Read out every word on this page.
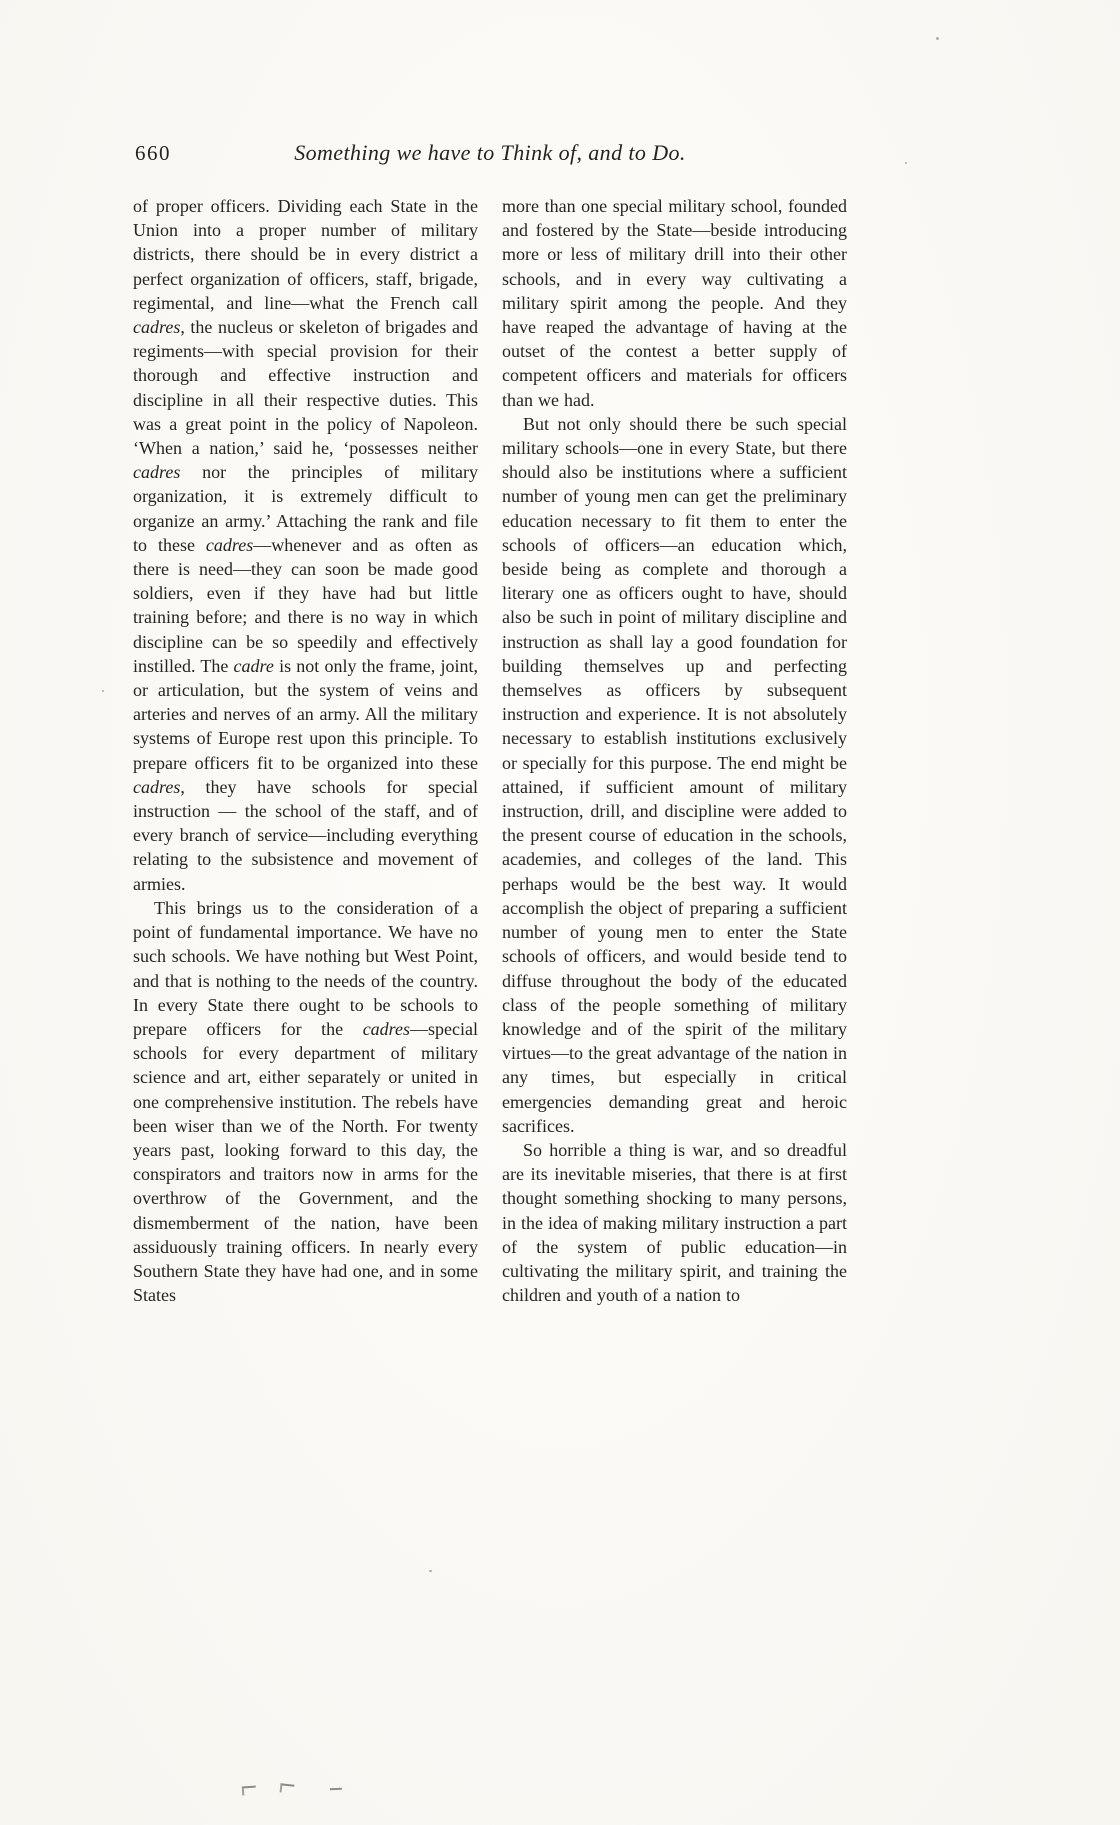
660	Something we have to Think of, and to Do.

of proper officers. Dividing each State in the Union into a proper number of military districts, there should be in every district a perfect organization of officers, staff, brigade, regimental, and line—what the French call cadres, the nucleus or skeleton of brigades and regiments—with special provision for their thorough and effective instruction and discipline in all their respective duties. This was a great point in the policy of Napoleon. ‘When a nation,’ said he, ‘possesses neither cadres nor the principles of military organization, it is extremely difficult to organize an army.’ Attaching the rank and file to these cadres—whenever and as often as there is need—they can soon be made good soldiers, even if they have had but little training before; and there is no way in which discipline can be so speedily and effectively instilled. The cadre is not only the frame, joint, or articulation, but the system of veins and arteries and nerves of an army. All the military systems of Europe rest upon this principle. To prepare officers fit to be organized into these cadres, they have schools for special instruction — the school of the staff, and of every branch of service—including everything relating to the subsistence and movement of armies.

This brings us to the consideration of a point of fundamental importance. We have no such schools. We have nothing but West Point, and that is nothing to the needs of the country. In every State there ought to be schools to prepare officers for the cadres—special schools for every department of military science and art, either separately or united in one comprehensive institution. The rebels have been wiser than we of the North. For twenty years past, looking forward to this day, the conspirators and traitors now in arms for the overthrow of the Government, and the dismemberment of the nation, have been assiduously training officers. In nearly every Southern State they have had one, and in some States

more than one special military school, founded and fostered by the State—beside introducing more or less of military drill into their other schools, and in every way cultivating a military spirit among the people. And they have reaped the advantage of having at the outset of the contest a better supply of competent officers and materials for officers than we had.

But not only should there be such special military schools—one in every State, but there should also be institutions where a sufficient number of young men can get the preliminary education necessary to fit them to enter the schools of officers—an education which, beside being as complete and thorough a literary one as officers ought to have, should also be such in point of military discipline and instruction as shall lay a good foundation for building themselves up and perfecting themselves as officers by subsequent instruction and experience. It is not absolutely necessary to establish institutions exclusively or specially for this purpose. The end might be attained, if sufficient amount of military instruction, drill, and discipline were added to the present course of education in the schools, academies, and colleges of the land. This perhaps would be the best way. It would accomplish the object of preparing a sufficient number of young men to enter the State schools of officers, and would beside tend to diffuse throughout the body of the educated class of the people something of military knowledge and of the spirit of the military virtues—to the great advantage of the nation in any times, but especially in critical emergencies demanding great and heroic sacrifices.

So horrible a thing is war, and so dreadful are its inevitable miseries, that there is at first thought something shocking to many persons, in the idea of making military instruction a part of the system of public education—in cultivating the military spirit, and training the children and youth of a nation to
